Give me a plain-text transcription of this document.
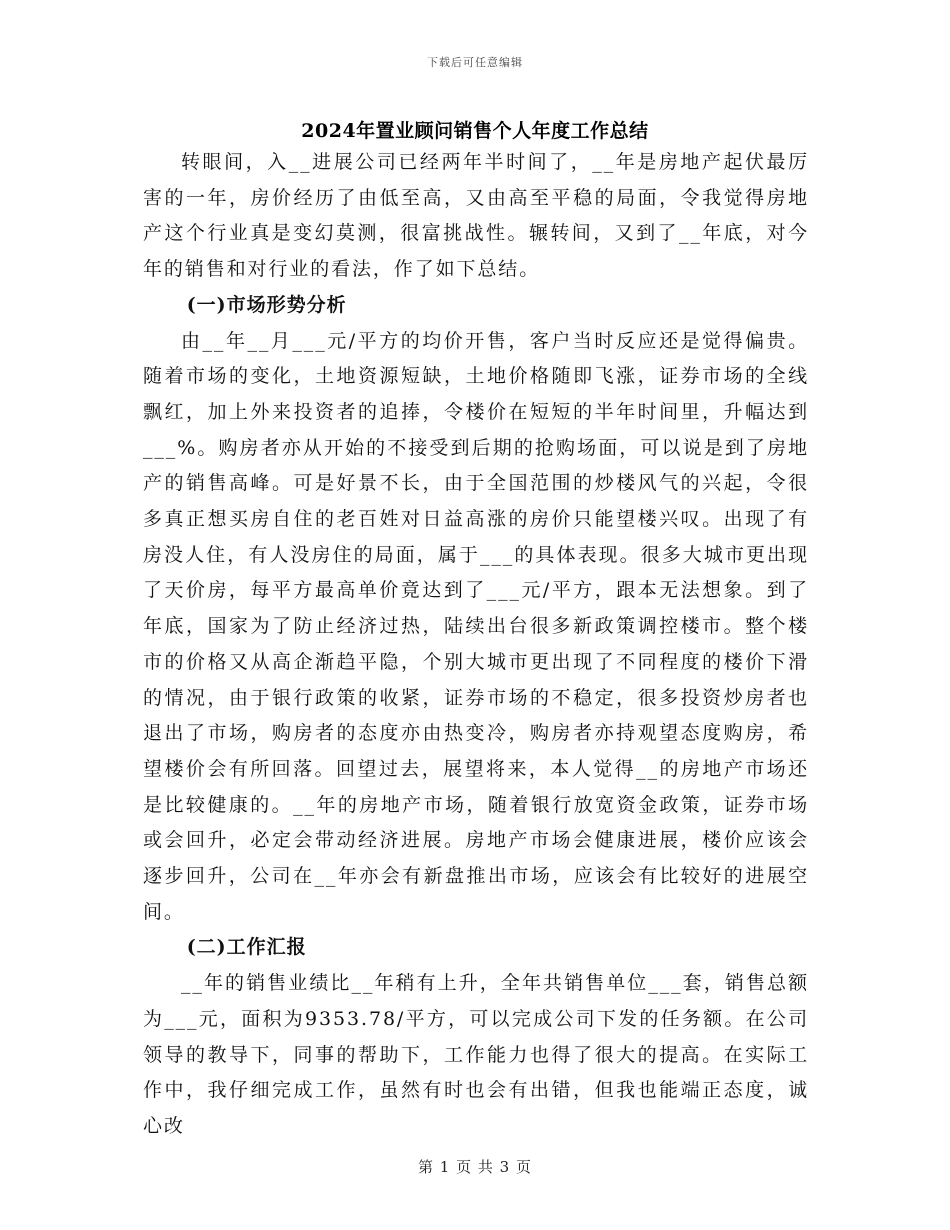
下载后可任意编辑
2024年置业顾问销售个人年度工作总结

转眼间，入__进展公司已经两年半时间了，__年是房地产起伏最厉害的一年，房价经历了由低至高，又由高至平稳的局面，令我觉得房地产这个行业真是变幻莫测，很富挑战性。辗转间，又到了__年底，对今年的销售和对行业的看法，作了如下总结。

(一)市场形势分析

由__年__月___元/平方的均价开售，客户当时反应还是觉得偏贵。随着市场的变化，土地资源短缺，土地价格随即飞涨，证券市场的全线飘红，加上外来投资者的追捧，令楼价在短短的半年时间里，升幅达到___%。购房者亦从开始的不接受到后期的抢购场面，可以说是到了房地产的销售高峰。可是好景不长，由于全国范围的炒楼风气的兴起，令很多真正想买房自住的老百姓对日益高涨的房价只能望楼兴叹。出现了有房没人住，有人没房住的局面，属于___的具体表现。很多大城市更出现了天价房，每平方最高单价竟达到了___元/平方，跟本无法想象。到了年底，国家为了防止经济过热，陆续出台很多新政策调控楼市。整个楼市的价格又从高企渐趋平隐，个别大城市更出现了不同程度的楼价下滑的情况，由于银行政策的收紧，证券市场的不稳定，很多投资炒房者也退出了市场，购房者的态度亦由热变冷，购房者亦持观望态度购房，希望楼价会有所回落。回望过去，展望将来，本人觉得__的房地产市场还是比较健康的。__年的房地产市场，随着银行放宽资金政策，证券市场或会回升，必定会带动经济进展。房地产市场会健康进展，楼价应该会逐步回升，公司在__年亦会有新盘推出市场，应该会有比较好的进展空间。

(二)工作汇报

__年的销售业绩比__年稍有上升，全年共销售单位___套，销售总额为___元，面积为9353.78/平方，可以完成公司下发的任务额。在公司领导的教导下，同事的帮助下，工作能力也得了很大的提高。在实际工作中，我仔细完成工作，虽然有时也会有出错，但我也能端正态度，诚心改

第 1 页 共 3 页
